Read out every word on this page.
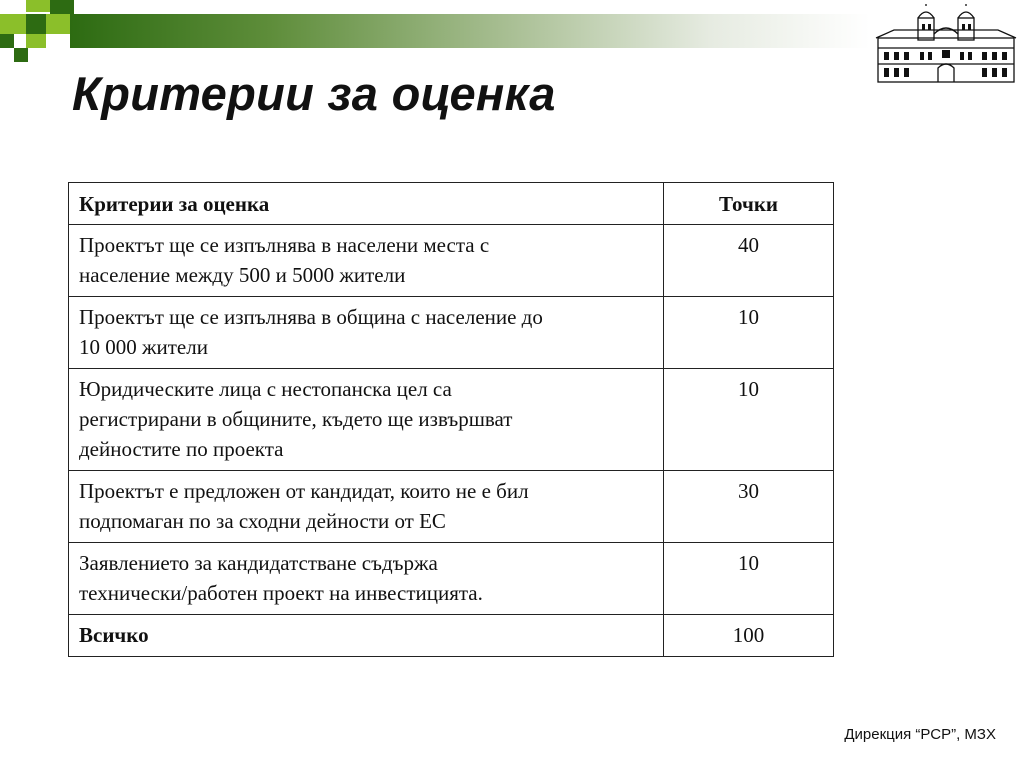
Критерии за оценка
Критерии за оценка	Точки

Проектът ще се изпълнява в населени места с
население между 500 и 5000 жители	40

Проектът ще се изпълнява в община с население до
10 000 жители	10

Юридическите лица с нестопанска цел са
регистрирани в общините, където ще извършват
дейностите по проекта	10

Проектът е предложен от кандидат, които не е бил
подпомаган по за сходни дейности от ЕС	30

Заявлението за кандидатстване съдържа
технически/работен проект на инвестицията.	10
Всичко	100
Дирекция “РСР”, МЗХ
